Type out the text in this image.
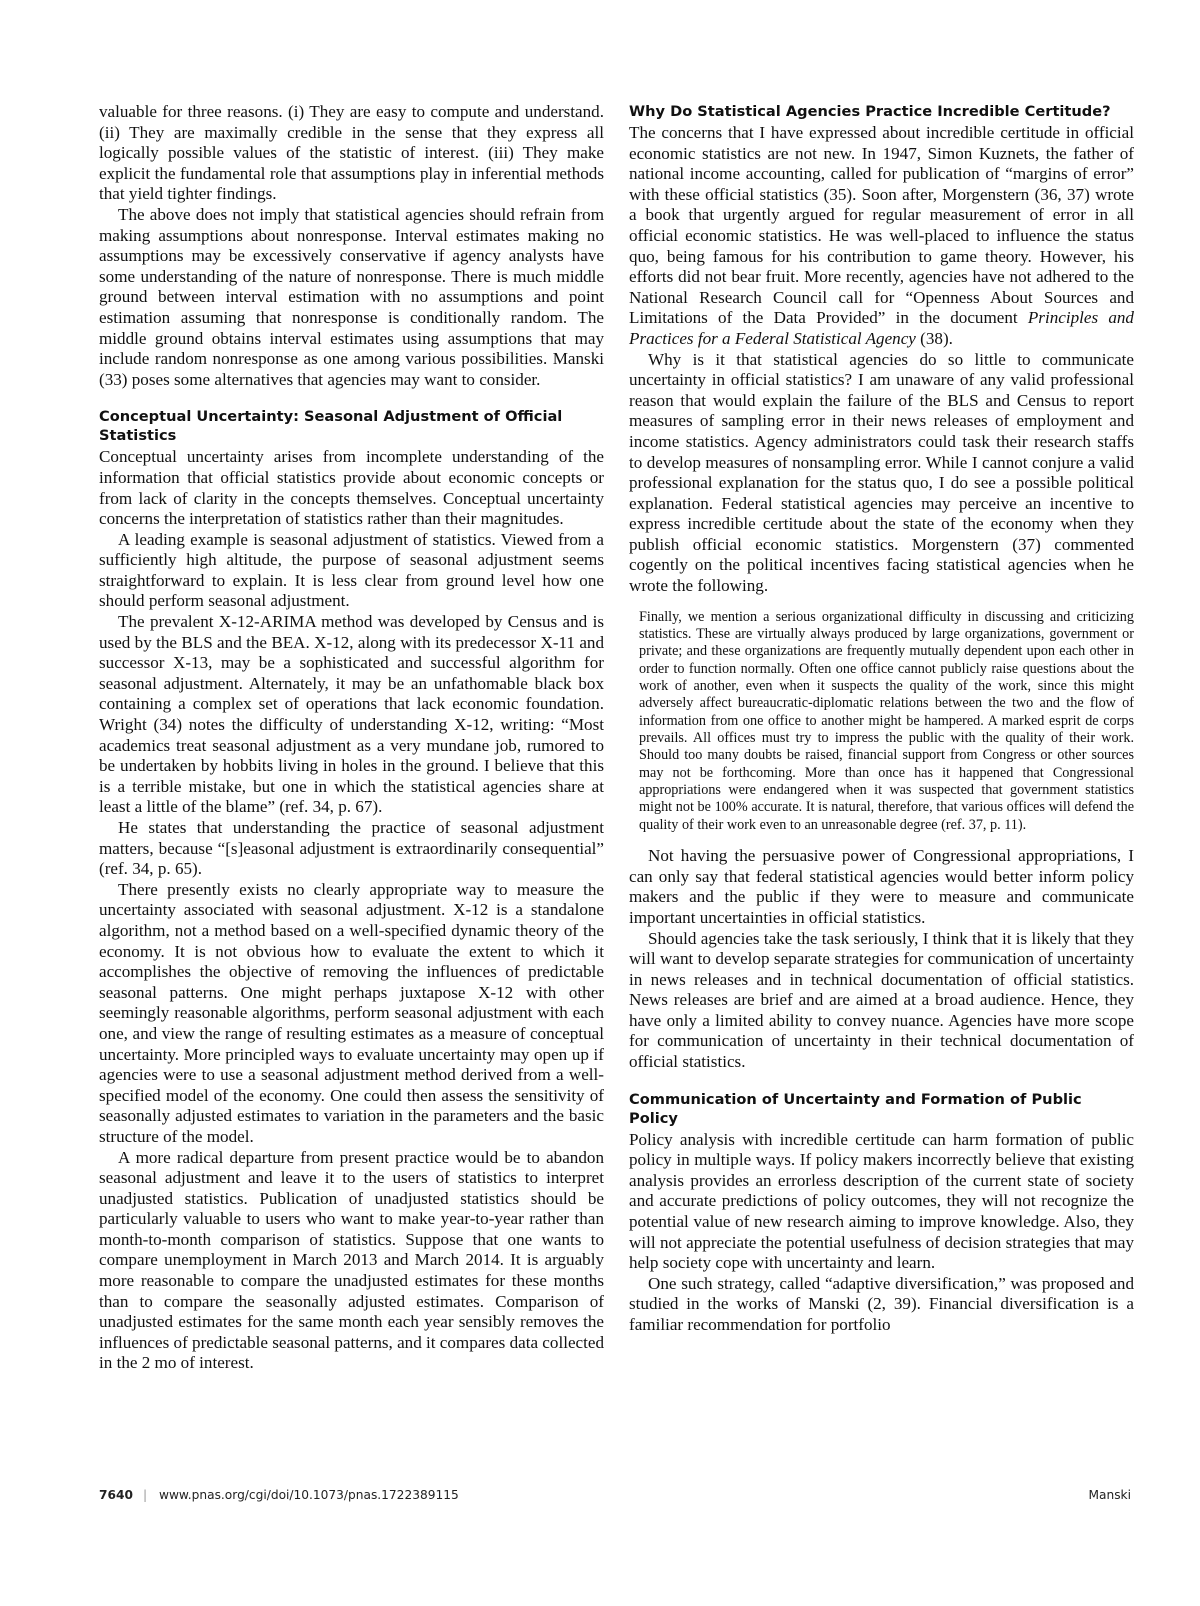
valuable for three reasons. (i) They are easy to compute and understand. (ii) They are maximally credible in the sense that they express all logically possible values of the statistic of interest. (iii) They make explicit the fundamental role that assumptions play in inferential methods that yield tighter findings.

The above does not imply that statistical agencies should refrain from making assumptions about nonresponse. Interval estimates making no assumptions may be excessively conservative if agency analysts have some understanding of the nature of nonresponse. There is much middle ground between interval estimation with no assumptions and point estimation assuming that nonresponse is conditionally random. The middle ground obtains interval estimates using assumptions that may include random nonresponse as one among various possibilities. Manski (33) poses some alternatives that agencies may want to consider.

Conceptual Uncertainty: Seasonal Adjustment of Official Statistics

Conceptual uncertainty arises from incomplete understanding of the information that official statistics provide about economic concepts or from lack of clarity in the concepts themselves. Conceptual uncertainty concerns the interpretation of statistics rather than their magnitudes.

A leading example is seasonal adjustment of statistics. Viewed from a sufficiently high altitude, the purpose of seasonal adjustment seems straightforward to explain. It is less clear from ground level how one should perform seasonal adjustment.

The prevalent X-12-ARIMA method was developed by Census and is used by the BLS and the BEA. X-12, along with its predecessor X-11 and successor X-13, may be a sophisticated and successful algorithm for seasonal adjustment. Alternately, it may be an unfathomable black box containing a complex set of operations that lack economic foundation. Wright (34) notes the difficulty of understanding X-12, writing: “Most academics treat seasonal adjustment as a very mundane job, rumored to be undertaken by hobbits living in holes in the ground. I believe that this is a terrible mistake, but one in which the statistical agencies share at least a little of the blame” (ref. 34, p. 67).

He states that understanding the practice of seasonal adjustment matters, because “[s]easonal adjustment is extraordinarily consequential” (ref. 34, p. 65).

There presently exists no clearly appropriate way to measure the uncertainty associated with seasonal adjustment. X-12 is a standalone algorithm, not a method based on a well-specified dynamic theory of the economy. It is not obvious how to evaluate the extent to which it accomplishes the objective of removing the influences of predictable seasonal patterns. One might perhaps juxtapose X-12 with other seemingly reasonable algorithms, perform seasonal adjustment with each one, and view the range of resulting estimates as a measure of conceptual uncertainty. More principled ways to evaluate uncertainty may open up if agencies were to use a seasonal adjustment method derived from a well-specified model of the economy. One could then assess the sensitivity of seasonally adjusted estimates to variation in the parameters and the basic structure of the model.

A more radical departure from present practice would be to abandon seasonal adjustment and leave it to the users of statistics to interpret unadjusted statistics. Publication of unadjusted statistics should be particularly valuable to users who want to make year-to-year rather than month-to-month comparison of statistics. Suppose that one wants to compare unemployment in March 2013 and March 2014. It is arguably more reasonable to compare the unadjusted estimates for these months than to compare the seasonally adjusted estimates. Comparison of unadjusted estimates for the same month each year sensibly removes the influences of predictable seasonal patterns, and it compares data collected in the 2 mo of interest.

Why Do Statistical Agencies Practice Incredible Certitude?

The concerns that I have expressed about incredible certitude in official economic statistics are not new. In 1947, Simon Kuznets, the father of national income accounting, called for publication of “margins of error” with these official statistics (35). Soon after, Morgenstern (36, 37) wrote a book that urgently argued for regular measurement of error in all official economic statistics. He was well-placed to influence the status quo, being famous for his contribution to game theory. However, his efforts did not bear fruit. More recently, agencies have not adhered to the National Research Council call for “Openness About Sources and Limitations of the Data Provided” in the document Principles and Practices for a Federal Statistical Agency (38).

Why is it that statistical agencies do so little to communicate uncertainty in official statistics? I am unaware of any valid professional reason that would explain the failure of the BLS and Census to report measures of sampling error in their news releases of employment and income statistics. Agency administrators could task their research staffs to develop measures of nonsampling error. While I cannot conjure a valid professional explanation for the status quo, I do see a possible political explanation. Federal statistical agencies may perceive an incentive to express incredible certitude about the state of the economy when they publish official economic statistics. Morgenstern (37) commented cogently on the political incentives facing statistical agencies when he wrote the following.

Finally, we mention a serious organizational difficulty in discussing and criticizing statistics. These are virtually always produced by large organizations, government or private; and these organizations are frequently mutually dependent upon each other in order to function normally. Often one office cannot publicly raise questions about the work of another, even when it suspects the quality of the work, since this might adversely affect bureaucratic-diplomatic relations between the two and the flow of information from one office to another might be hampered. A marked esprit de corps prevails. All offices must try to impress the public with the quality of their work. Should too many doubts be raised, financial support from Congress or other sources may not be forthcoming. More than once has it happened that Congressional appropriations were endangered when it was suspected that government statistics might not be 100% accurate. It is natural, therefore, that various offices will defend the quality of their work even to an unreasonable degree (ref. 37, p. 11).

Not having the persuasive power of Congressional appropriations, I can only say that federal statistical agencies would better inform policy makers and the public if they were to measure and communicate important uncertainties in official statistics.

Should agencies take the task seriously, I think that it is likely that they will want to develop separate strategies for communication of uncertainty in news releases and in technical documentation of official statistics. News releases are brief and are aimed at a broad audience. Hence, they have only a limited ability to convey nuance. Agencies have more scope for communication of uncertainty in their technical documentation of official statistics.

Communication of Uncertainty and Formation of Public Policy

Policy analysis with incredible certitude can harm formation of public policy in multiple ways. If policy makers incorrectly believe that existing analysis provides an errorless description of the current state of society and accurate predictions of policy outcomes, they will not recognize the potential value of new research aiming to improve knowledge. Also, they will not appreciate the potential usefulness of decision strategies that may help society cope with uncertainty and learn.

One such strategy, called “adaptive diversification,” was proposed and studied in the works of Manski (2, 39). Financial diversification is a familiar recommendation for portfolio

7640 | www.pnas.org/cgi/doi/10.1073/pnas.1722389115	Manski
